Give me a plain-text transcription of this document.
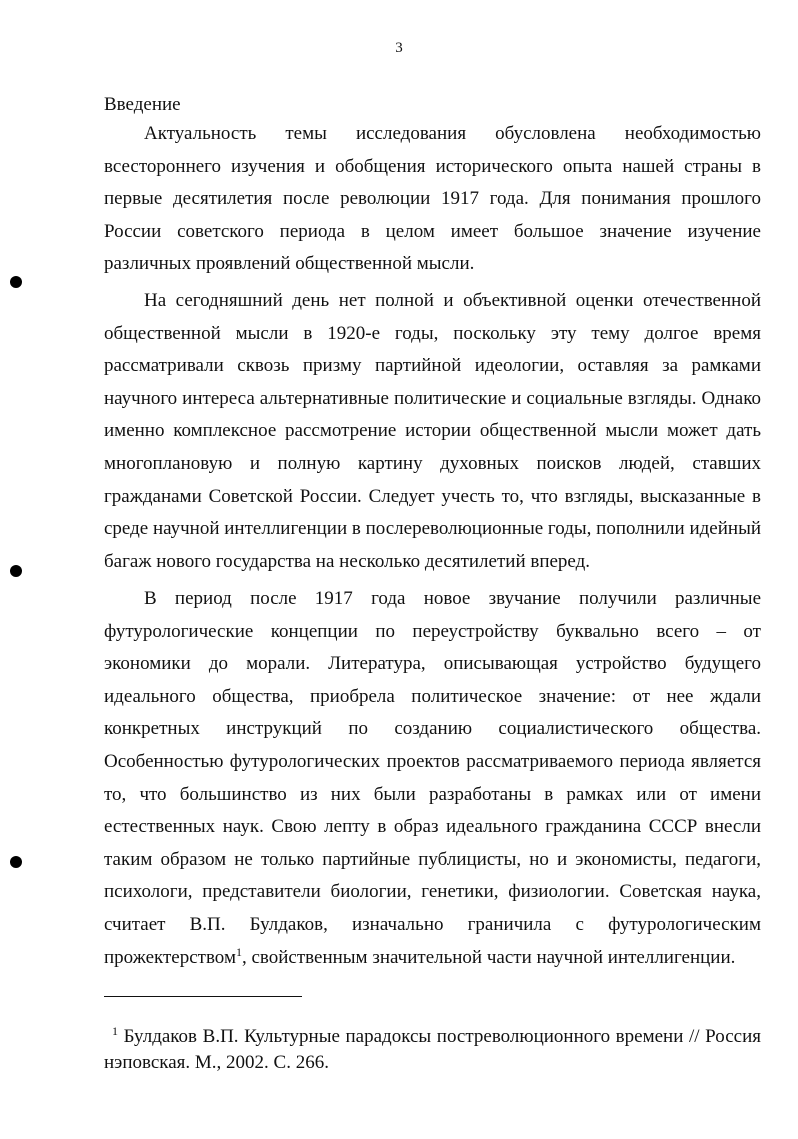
3
Введение

Актуальность темы исследования обусловлена необходимостью всестороннего изучения и обобщения исторического опыта нашей страны в первые десятилетия после революции 1917 года. Для понимания прошлого России советского периода в целом имеет большое значение изучение различных проявлений общественной мысли.

На сегодняшний день нет полной и объективной оценки отечественной общественной мысли в 1920-е годы, поскольку эту тему долгое время рассматривали сквозь призму партийной идеологии, оставляя за рамками научного интереса альтернативные политические и социальные взгляды. Однако именно комплексное рассмотрение истории общественной мысли может дать многоплановую и полную картину духовных поисков людей, ставших гражданами Советской России. Следует учесть то, что взгляды, высказанные в среде научной интеллигенции в послереволюционные годы, пополнили идейный багаж нового государства на несколько десятилетий вперед.

В период после 1917 года новое звучание получили различные футурологические концепции по переустройству буквально всего – от экономики до морали. Литература, описывающая устройство будущего идеального общества, приобрела политическое значение: от нее ждали конкретных инструкций по созданию социалистического общества. Особенностью футурологических проектов рассматриваемого периода является то, что большинство из них были разработаны в рамках или от имени естественных наук. Свою лепту в образ идеального гражданина СССР внесли таким образом не только партийные публицисты, но и экономисты, педагоги, психологи, представители биологии, генетики, физиологии. Советская наука, считает В.П. Булдаков, изначально граничила с футурологическим прожектерством$^1$, свойственным значительной части научной интеллигенции.

$^1$ Булдаков В.П. Культурные парадоксы постреволюционного времени // Россия нэповская. М., 2002. С. 266.
